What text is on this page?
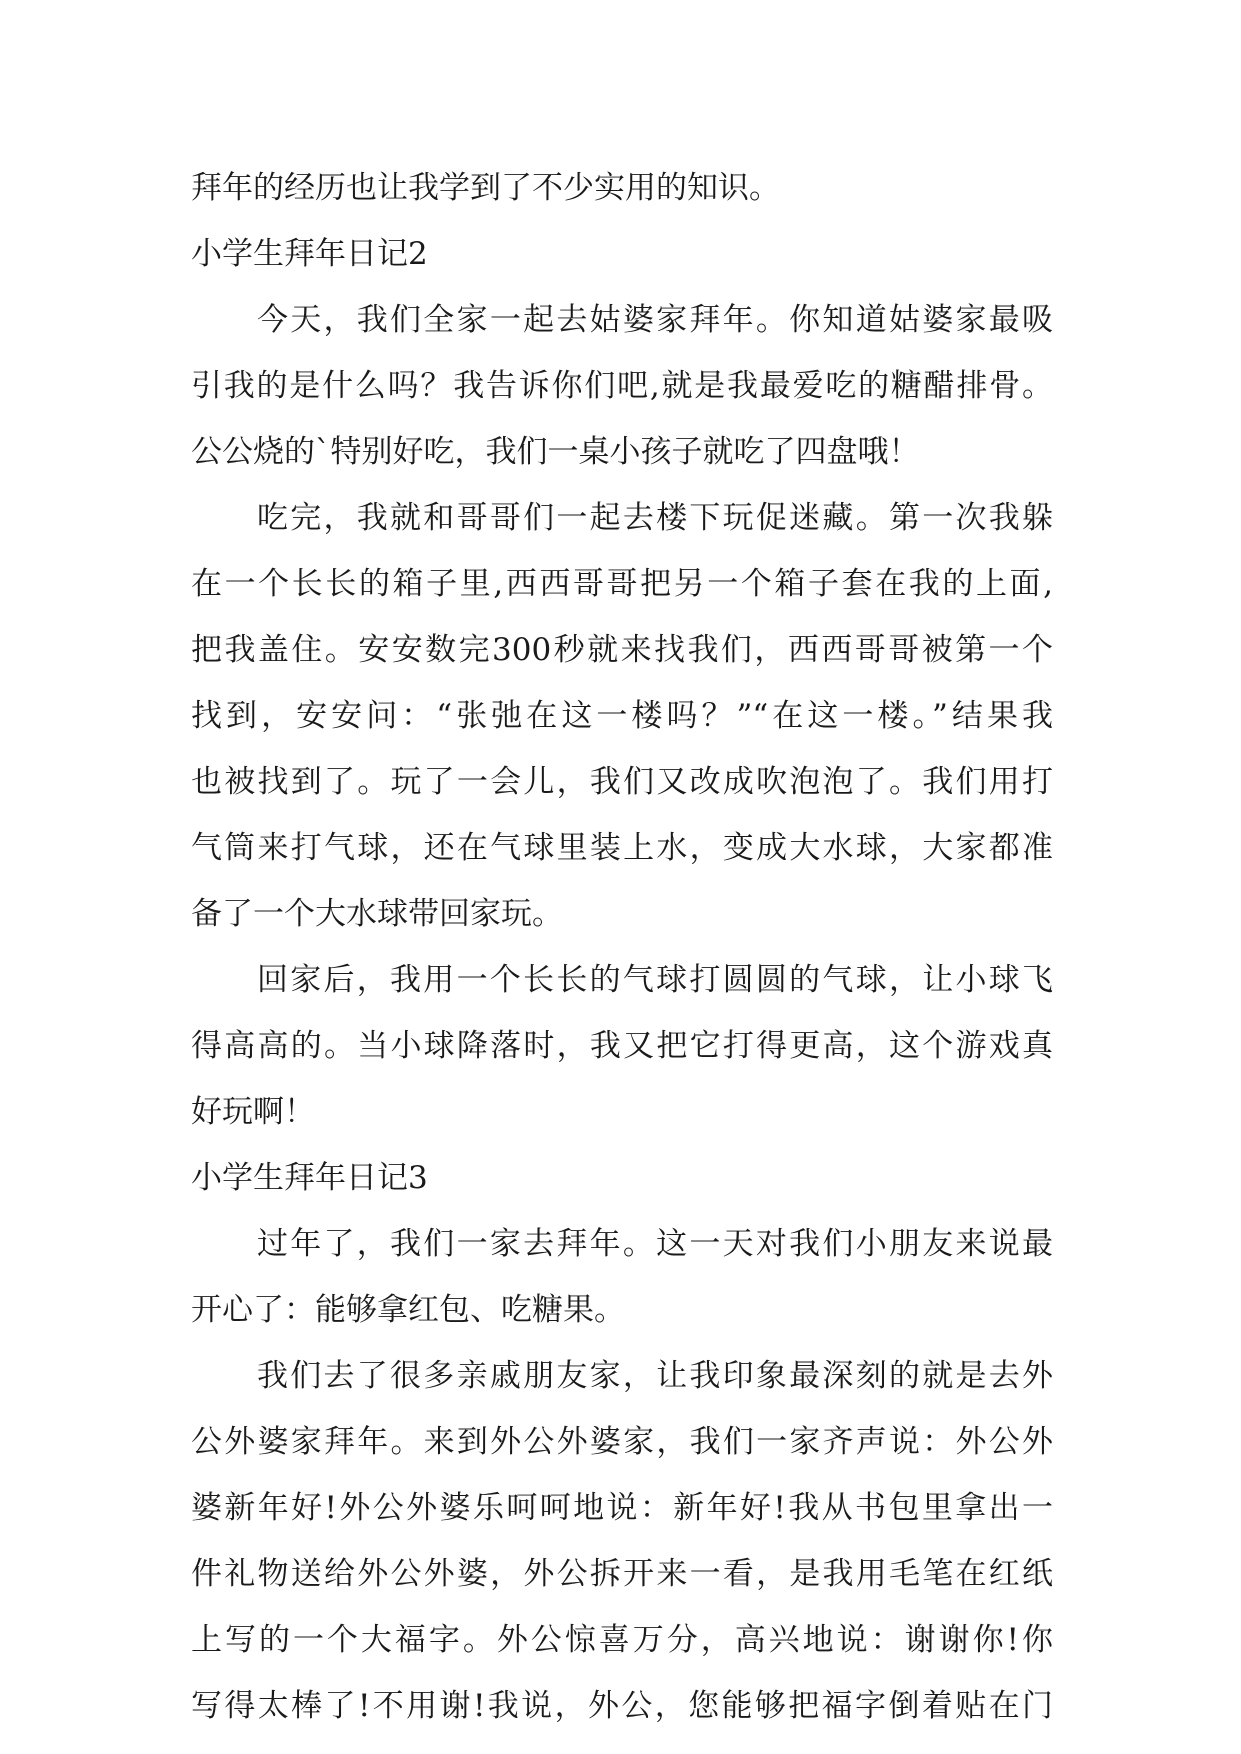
拜年的经历也让我学到了不少实用的知识。
小学生拜年日记2
今天，我们全家一起去姑婆家拜年。你知道姑婆家最吸
引我的是什么吗？我告诉你们吧,就是我最爱吃的糖醋排骨。
公公烧的`特别好吃，我们一桌小孩子就吃了四盘哦！
吃完，我就和哥哥们一起去楼下玩促迷藏。第一次我躲
在一个长长的箱子里,西西哥哥把另一个箱子套在我的上面,
把我盖住。安安数完300秒就来找我们，西西哥哥被第一个
找到，安安问：“张弛在这一楼吗？”“在这一楼。”结果我
也被找到了。玩了一会儿，我们又改成吹泡泡了。我们用打
气筒来打气球，还在气球里装上水，变成大水球，大家都准
备了一个大水球带回家玩。
回家后，我用一个长长的气球打圆圆的气球，让小球飞
得高高的。当小球降落时，我又把它打得更高，这个游戏真
好玩啊！
小学生拜年日记3
过年了，我们一家去拜年。这一天对我们小朋友来说最
开心了：能够拿红包、吃糖果。
我们去了很多亲戚朋友家，让我印象最深刻的就是去外
公外婆家拜年。来到外公外婆家，我们一家齐声说：外公外
婆新年好!外公外婆乐呵呵地说：新年好!我从书包里拿出一
件礼物送给外公外婆，外公拆开来一看，是我用毛笔在红纸
上写的一个大福字。外公惊喜万分，高兴地说：谢谢你!你
写得太棒了!不用谢!我说，外公，您能够把福字倒着贴在门
